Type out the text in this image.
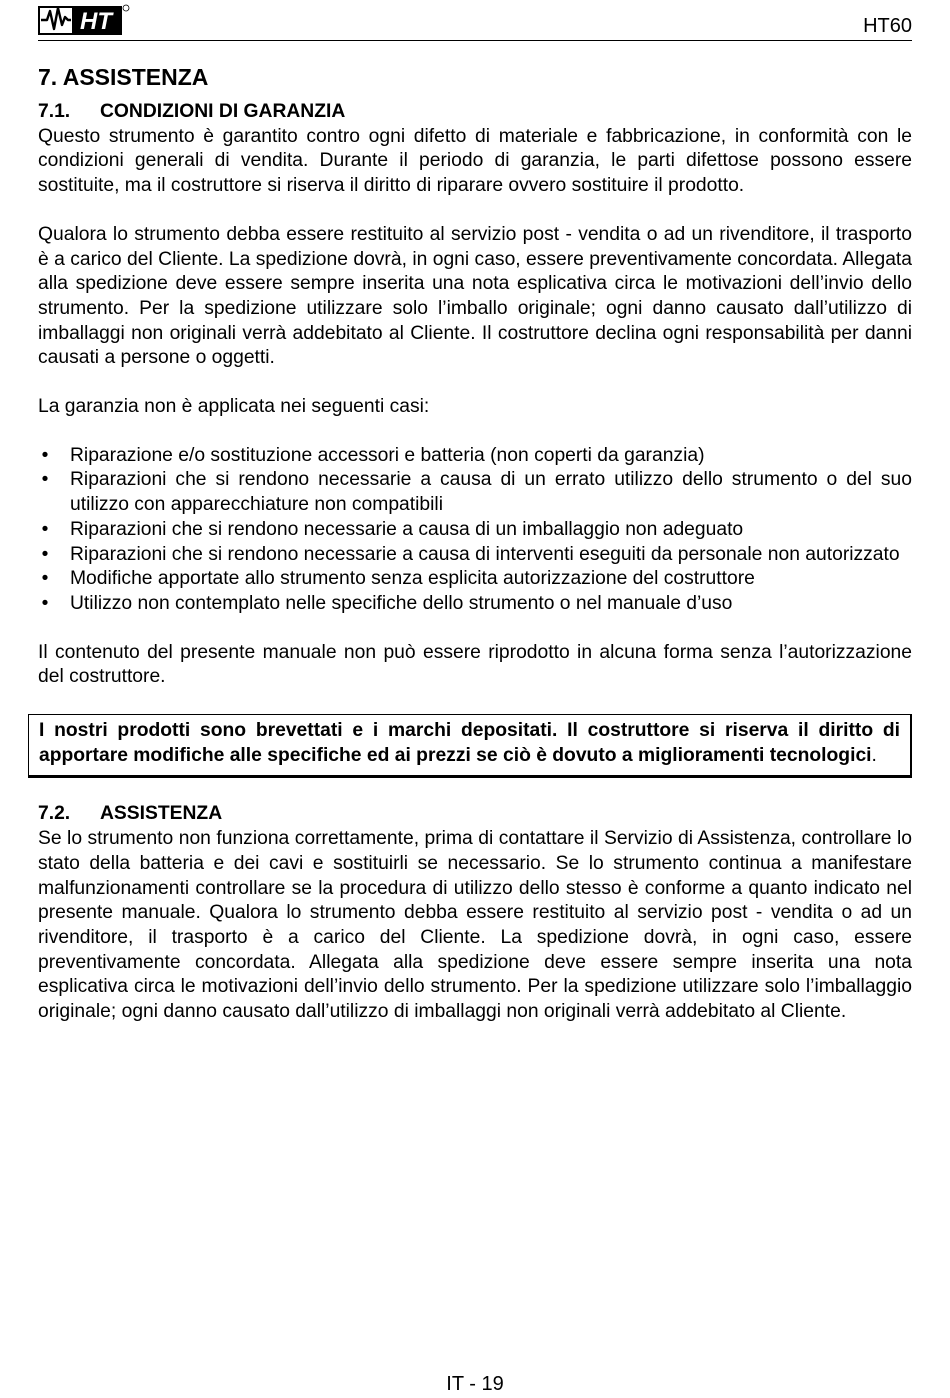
HT	HT60
7. ASSISTENZA
7.1. CONDIZIONI DI GARANZIA

Questo strumento è garantito contro ogni difetto di materiale e fabbricazione, in conformità con le condizioni generali di vendita. Durante il periodo di garanzia, le parti difettose possono essere sostituite, ma il costruttore si riserva il diritto di riparare ovvero sostituire il prodotto.

Qualora lo strumento debba essere restituito al servizio post - vendita o ad un rivenditore, il trasporto è a carico del Cliente. La spedizione dovrà, in ogni caso, essere preventivamente concordata. Allegata alla spedizione deve essere sempre inserita una nota esplicativa circa le motivazioni dell’invio dello strumento. Per la spedizione utilizzare solo l’imballo originale; ogni danno causato dall’utilizzo di imballaggi non originali verrà addebitato al Cliente. Il costruttore declina ogni responsabilità per danni causati a persone o oggetti.

La garanzia non è applicata nei seguenti casi:

• Riparazione e/o sostituzione accessori e batteria (non coperti da garanzia)
• Riparazioni che si rendono necessarie a causa di un errato utilizzo dello strumento o del suo utilizzo con apparecchiature non compatibili
• Riparazioni che si rendono necessarie a causa di un imballaggio non adeguato
• Riparazioni che si rendono necessarie a causa di interventi eseguiti da personale non autorizzato
• Modifiche apportate allo strumento senza esplicita autorizzazione del costruttore
• Utilizzo non contemplato nelle specifiche dello strumento o nel manuale d’uso

Il contenuto del presente manuale non può essere riprodotto in alcuna forma senza l’autorizzazione del costruttore.

I nostri prodotti sono brevettati e i marchi depositati. Il costruttore si riserva il diritto di apportare modifiche alle specifiche ed ai prezzi se ciò è dovuto a miglioramenti tecnologici.
7.2. ASSISTENZA

Se lo strumento non funziona correttamente, prima di contattare il Servizio di Assistenza, controllare lo stato della batteria e dei cavi e sostituirli se necessario. Se lo strumento continua a manifestare malfunzionamenti controllare se la procedura di utilizzo dello stesso è conforme a quanto indicato nel presente manuale. Qualora lo strumento debba essere restituito al servizio post - vendita o ad un rivenditore, il trasporto è a carico del Cliente. La spedizione dovrà, in ogni caso, essere preventivamente concordata. Allegata alla spedizione deve essere sempre inserita una nota esplicativa circa le motivazioni dell’invio dello strumento. Per la spedizione utilizzare solo l’imballaggio originale; ogni danno causato dall’utilizzo di imballaggi non originali verrà addebitato al Cliente.

IT - 19
